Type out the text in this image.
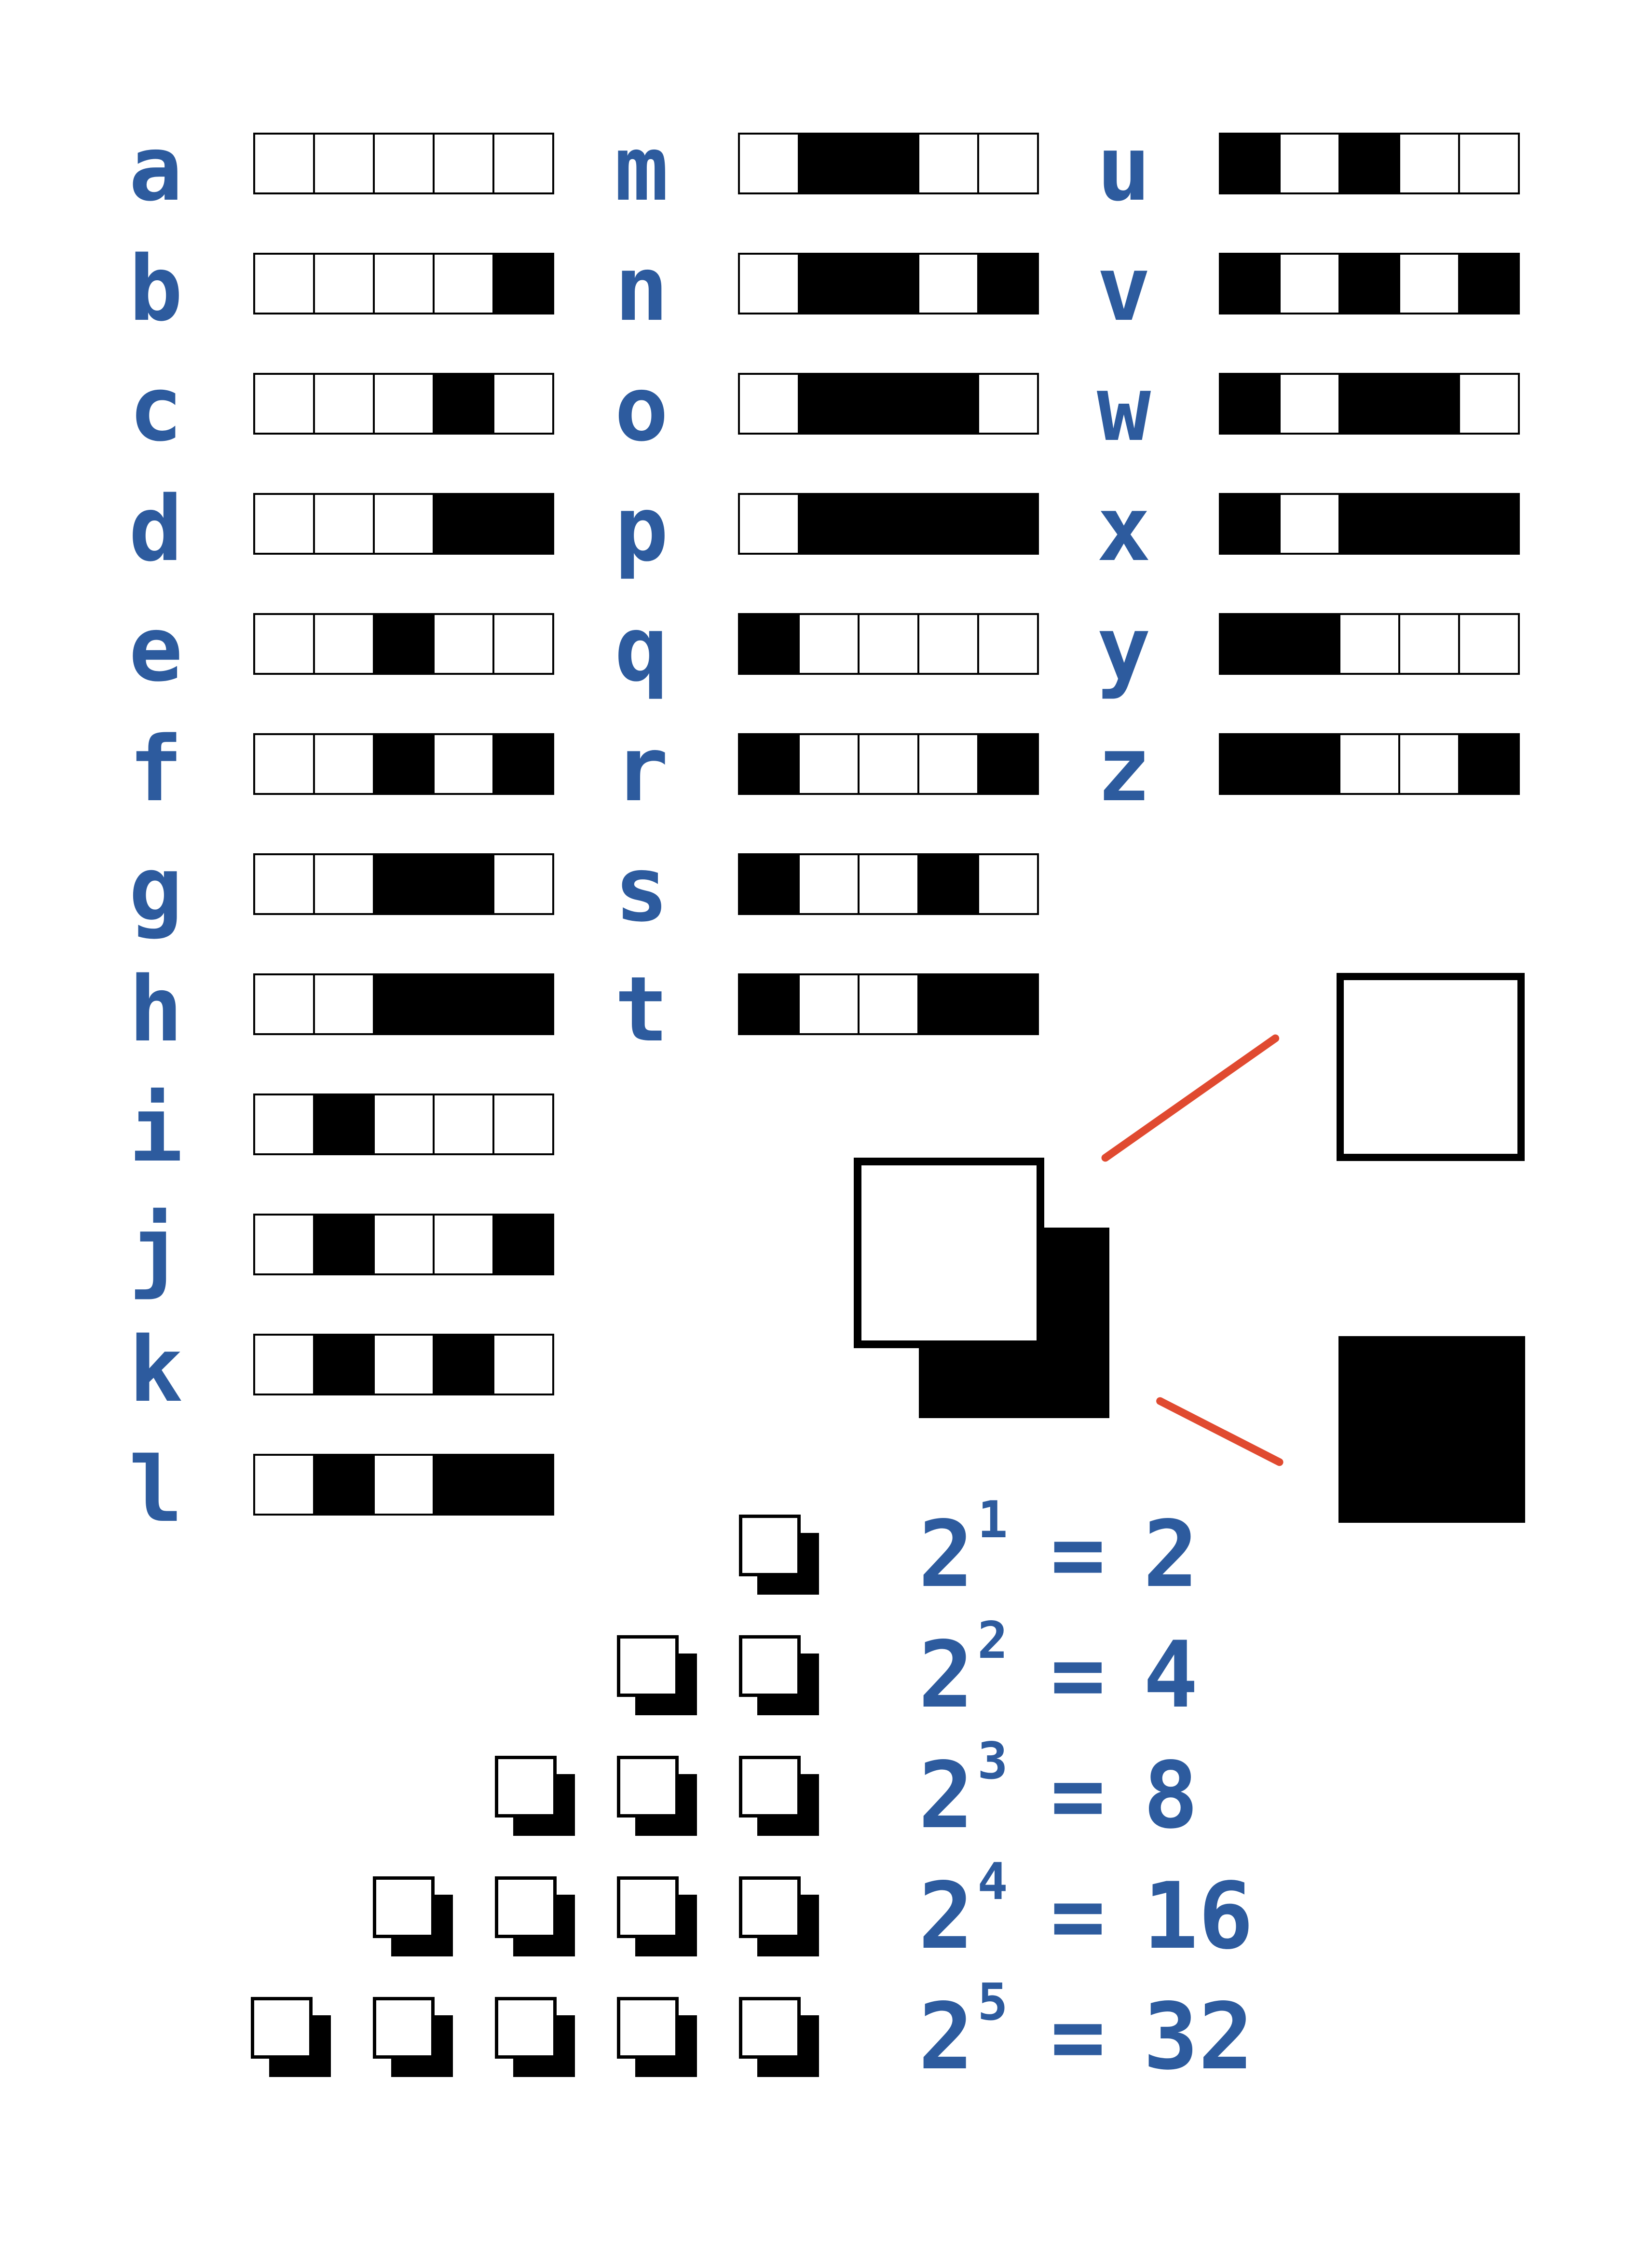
a
b
c
d
e
f
g
h
i
j
k
l
m
n
o
p
q
r
s
t
u
v
w
x
y
z
2 1 = 2
2 2 = 4
2 3 = 8
2 4 = 16
2 5 = 32
